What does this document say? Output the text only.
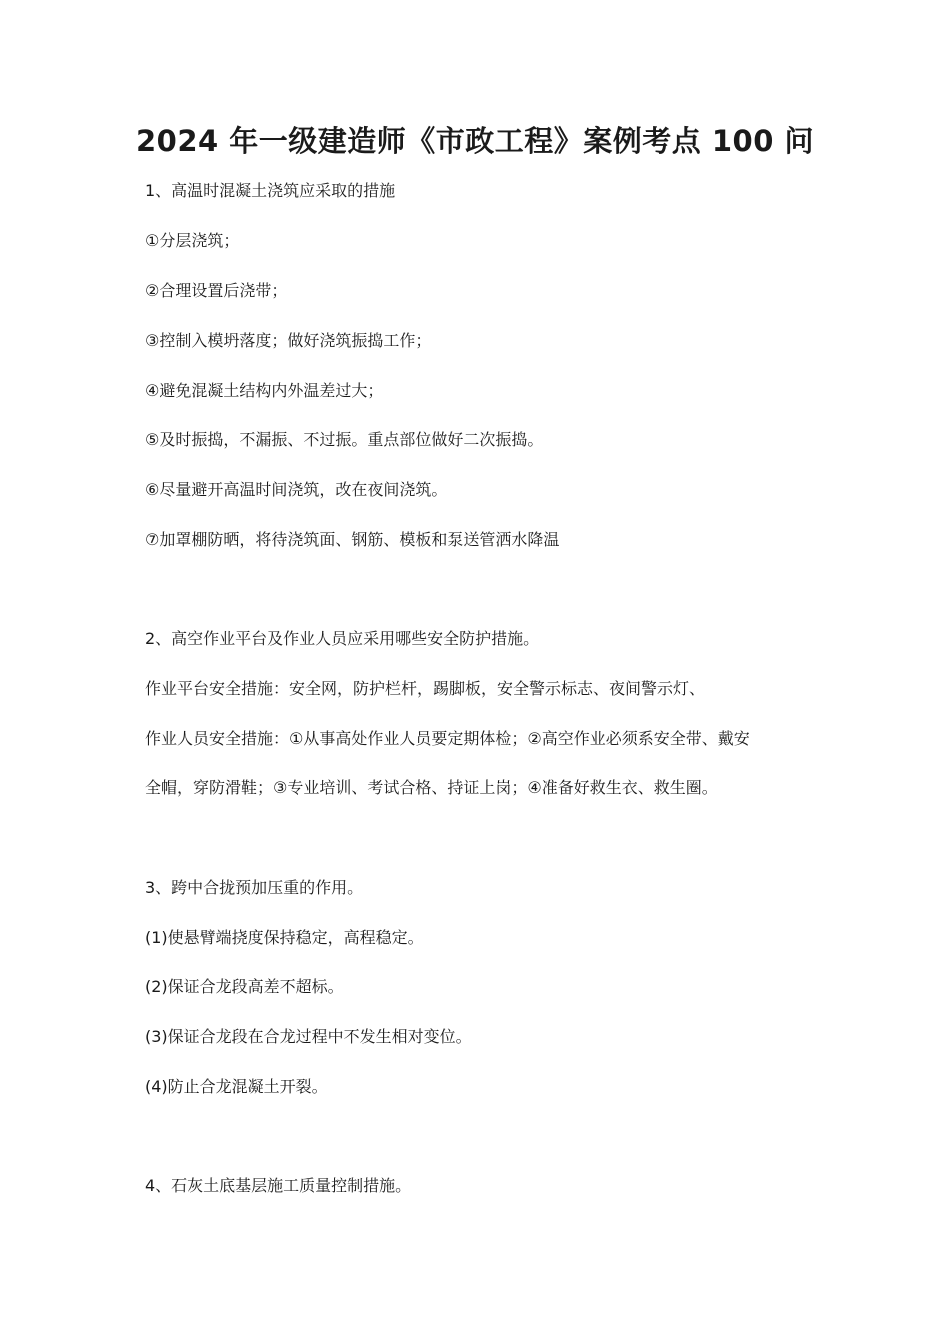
2024 年一级建造师《市政工程》案例考点 100 问
1、高温时混凝土浇筑应采取的措施
①分层浇筑；
②合理设置后浇带；
③控制入模坍落度；做好浇筑振捣工作；
④避免混凝土结构内外温差过大；
⑤及时振捣，不漏振、不过振。重点部位做好二次振捣。
⑥尽量避开高温时间浇筑，改在夜间浇筑。
⑦加罩棚防晒，将待浇筑面、钢筋、模板和泵送管洒水降温
2、高空作业平台及作业人员应采用哪些安全防护措施。
作业平台安全措施：安全网，防护栏杆，踢脚板，安全警示标志、夜间警示灯、
作业人员安全措施：①从事高处作业人员要定期体检；②高空作业必须系安全带、戴安
全帽，穿防滑鞋；③专业培训、考试合格、持证上岗；④准备好救生衣、救生圈。
3、跨中合拢预加压重的作用。
(1)使悬臂端挠度保持稳定，高程稳定。
(2)保证合龙段高差不超标。
(3)保证合龙段在合龙过程中不发生相对变位。
(4)防止合龙混凝土开裂。
4、石灰土底基层施工质量控制措施。
